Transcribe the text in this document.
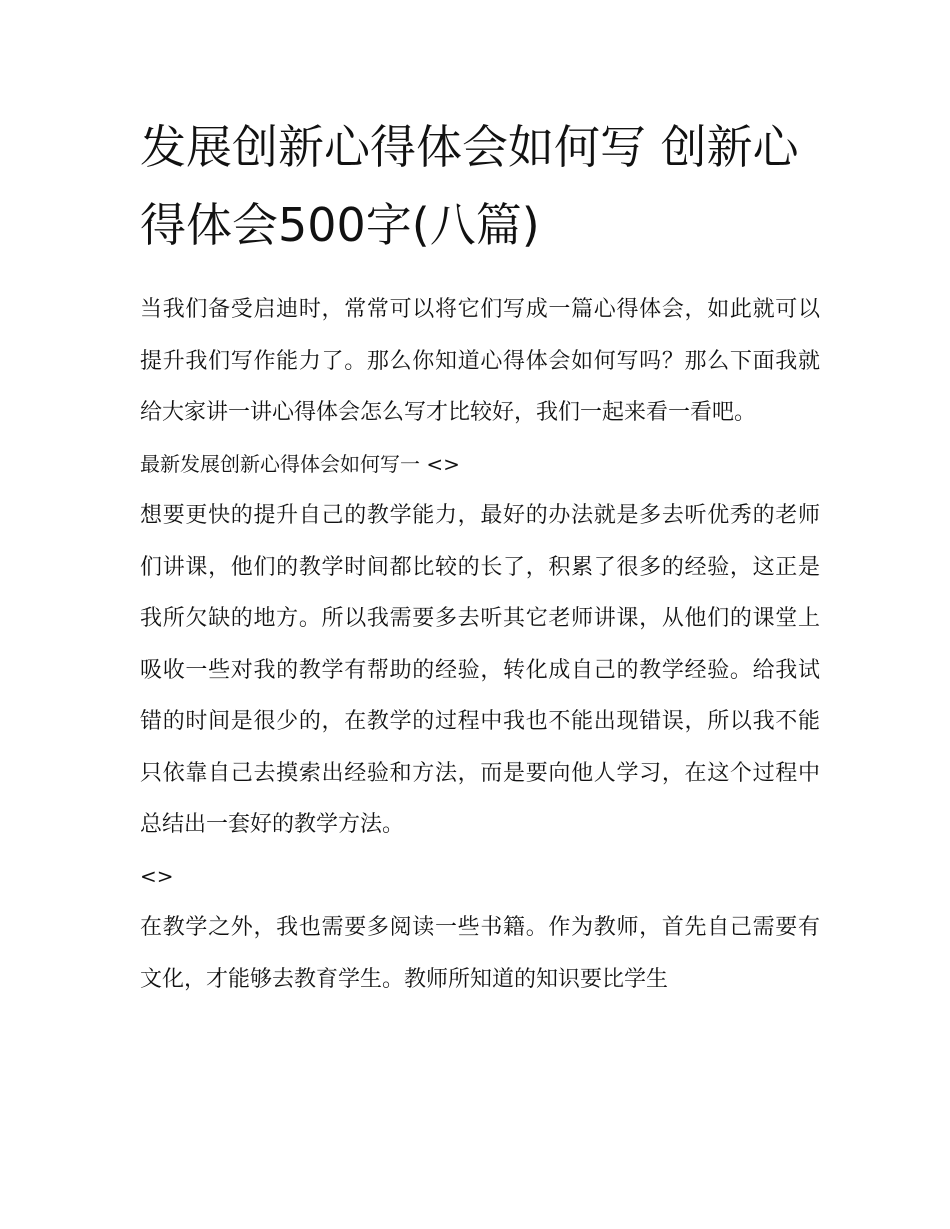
发展创新心得体会如何写 创新心得体会500字(八篇)

当我们备受启迪时，常常可以将它们写成一篇心得体会，如此就可以提升我们写作能力了。那么你知道心得体会如何写吗？那么下面我就给大家讲一讲心得体会怎么写才比较好，我们一起来看一看吧。

最新发展创新心得体会如何写一 <>

想要更快的提升自己的教学能力，最好的办法就是多去听优秀的老师们讲课，他们的教学时间都比较的长了，积累了很多的经验，这正是我所欠缺的地方。所以我需要多去听其它老师讲课，从他们的课堂上吸收一些对我的教学有帮助的经验，转化成自己的教学经验。给我试错的时间是很少的，在教学的过程中我也不能出现错误，所以我不能只依靠自己去摸索出经验和方法，而是要向他人学习，在这个过程中总结出一套好的教学方法。

<>

在教学之外，我也需要多阅读一些书籍。作为教师，首先自己需要有文化，才能够去教育学生。教师所知道的知识要比学生
